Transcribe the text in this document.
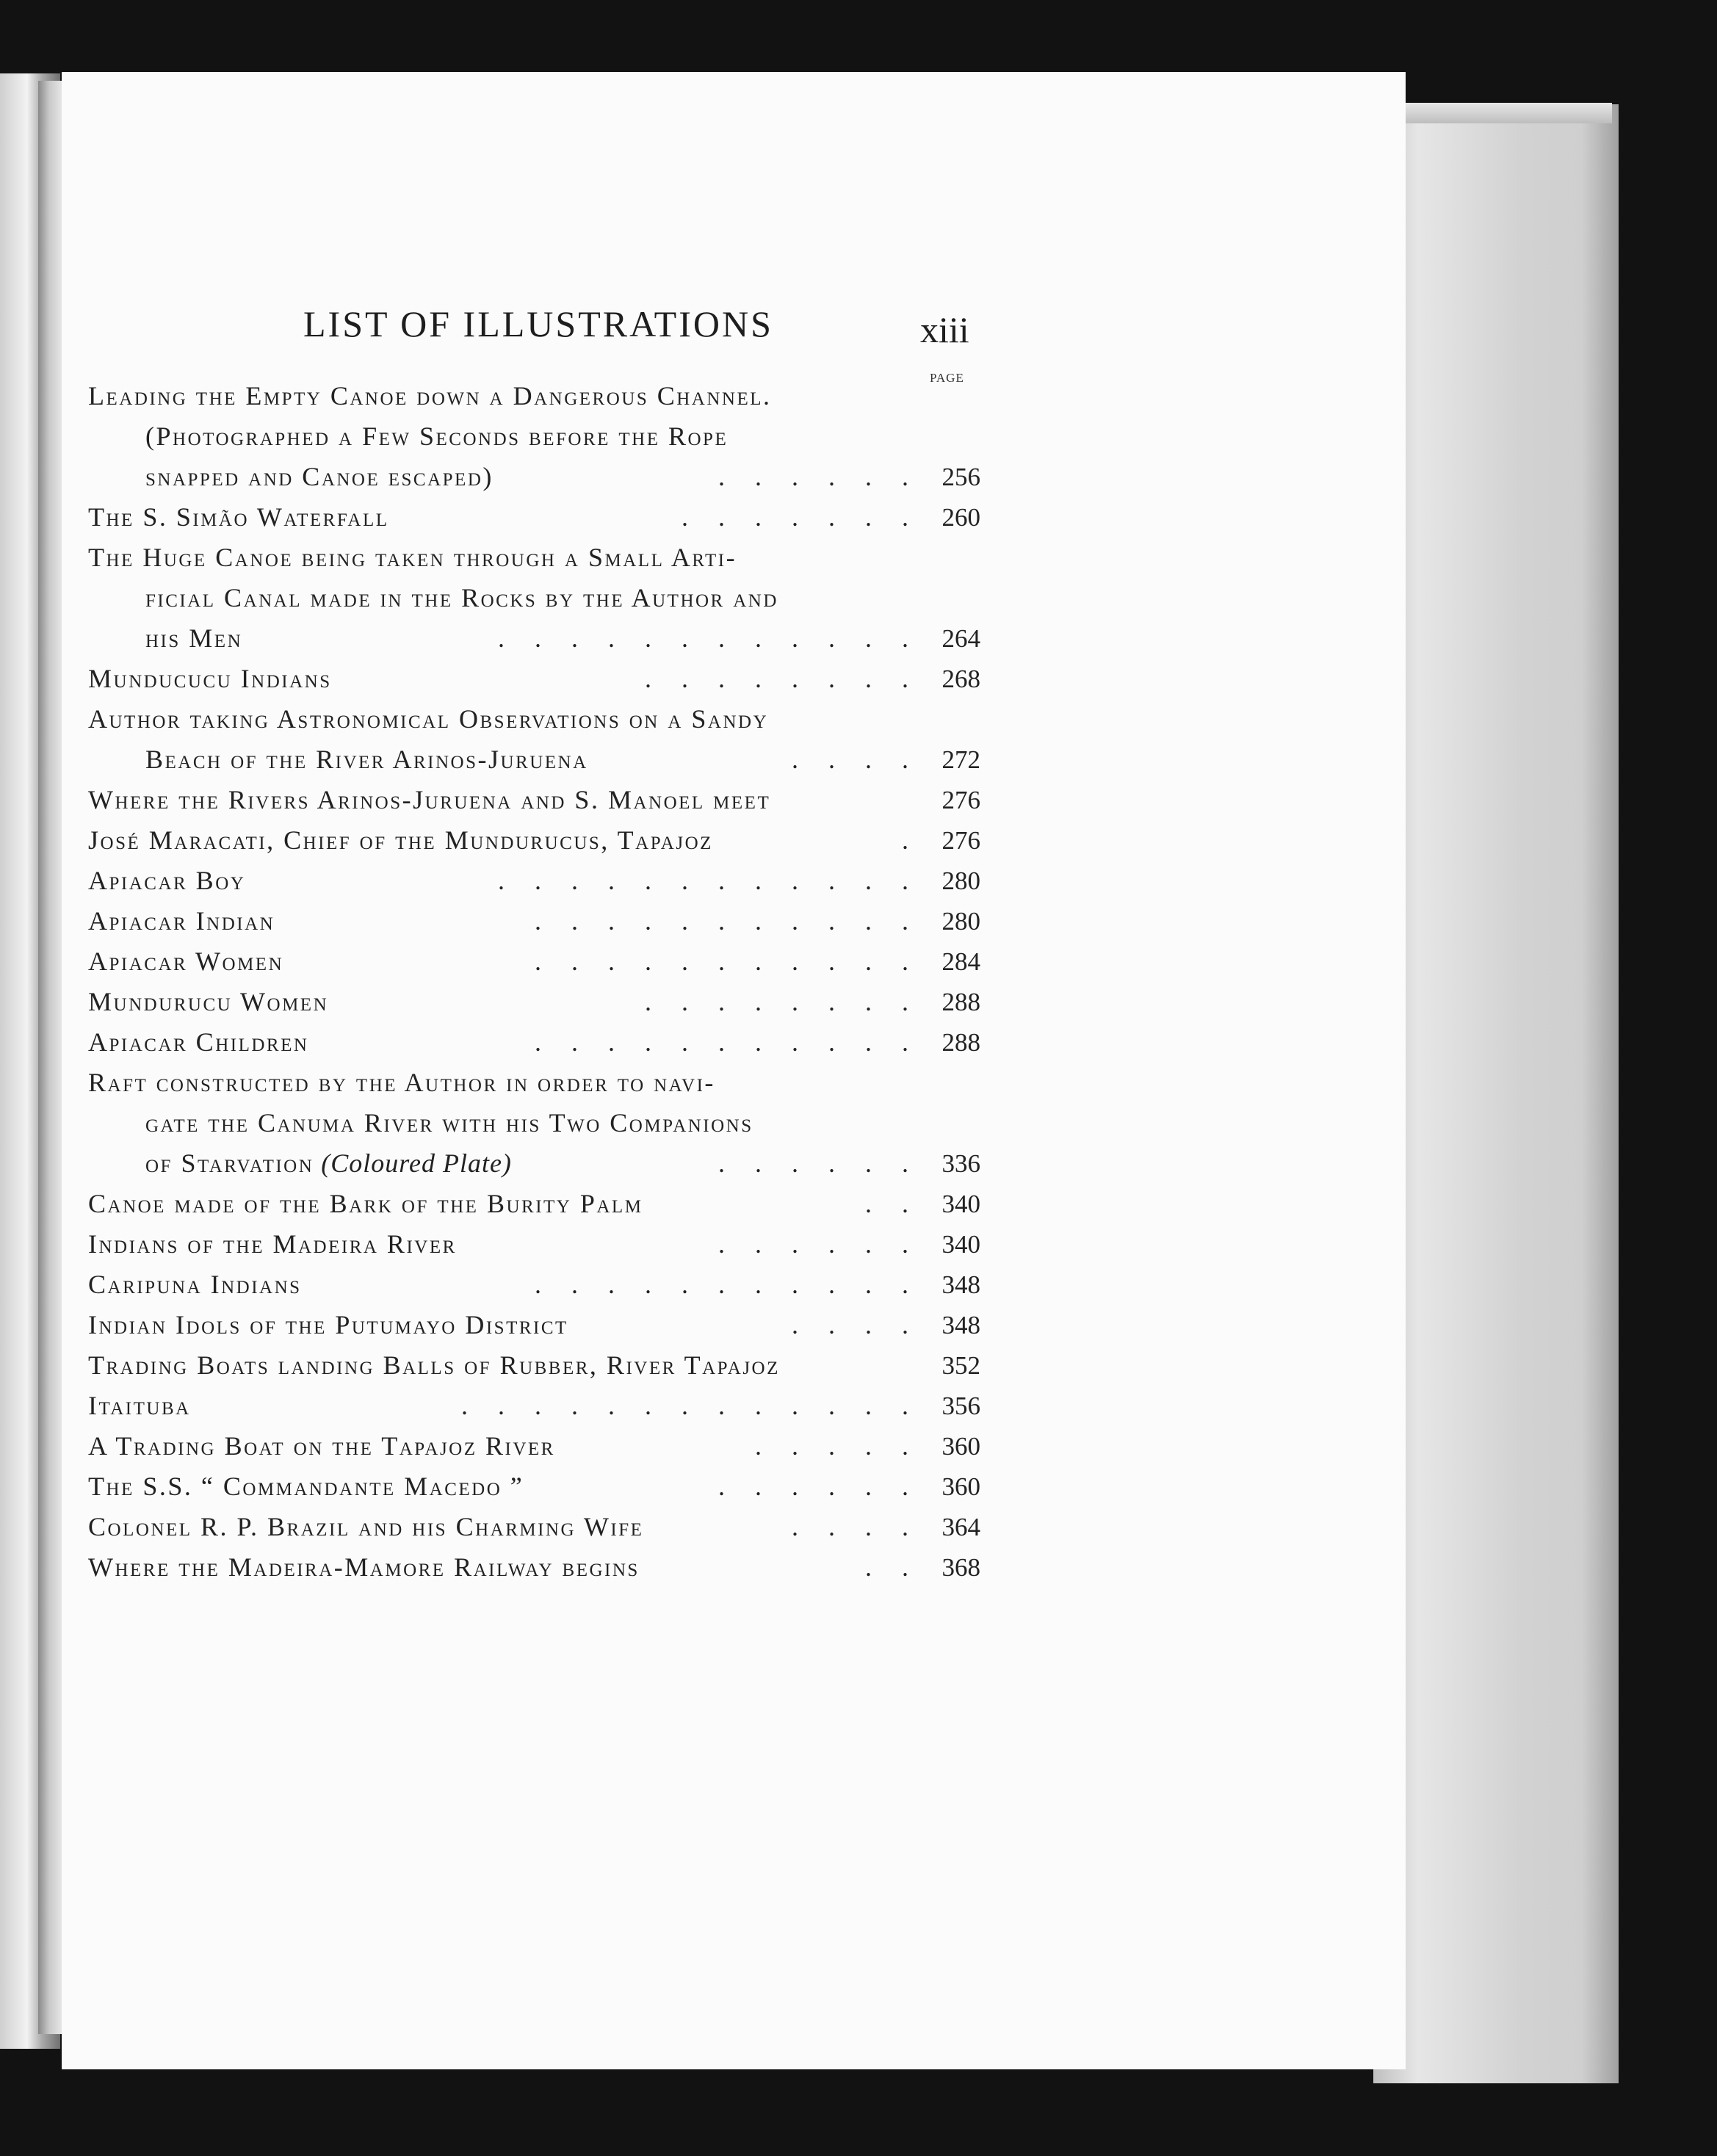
LIST OF ILLUSTRATIONS	xiii
PAGE
Leading the Empty Canoe down a Dangerous Channel.
(Photographed a Few Seconds before the Rope
snapped and Canoe escaped)	. . . . . .	256
The S. Simão Waterfall	. . . . . . .	260
The Huge Canoe being taken through a Small Arti-
ficial Canal made in the Rocks by the Author and
his Men	. . . . . . . . . . . .	264
Munducucu Indians	. . . . . . . .	268
Author taking Astronomical Observations on a Sandy
Beach of the River Arinos-Juruena	. . . .	272
Where the Rivers Arinos-Juruena and S. Manoel meet	276
José Maracati, Chief of the Mundurucus, Tapajoz	.	276
Apiacar Boy	. . . . . . . . . . . .	280
Apiacar Indian	. . . . . . . . . . .	280
Apiacar Women	. . . . . . . . . . .	284
Mundurucu Women	. . . . . . . .	288
Apiacar Children	. . . . . . . . . . .	288
Raft constructed by the Author in order to navi-
gate the Canuma River with his Two Companions
of Starvation (Coloured Plate)	. . . . . .	336
Canoe made of the Bark of the Burity Palm	. .	340
Indians of the Madeira River	. . . . . .	340
Caripuna Indians	. . . . . . . . . . .	348
Indian Idols of the Putumayo District	. . . .	348
Trading Boats landing Balls of Rubber, River Tapajoz	352
Itaituba	. . . . . . . . . . . . .	356
A Trading Boat on the Tapajoz River	. . . . .	360
The S.S. “ Commandante Macedo ”	. . . . . .	360
Colonel R. P. Brazil and his Charming Wife	. . . .	364
Where the Madeira-Mamore Railway begins	. .	368
